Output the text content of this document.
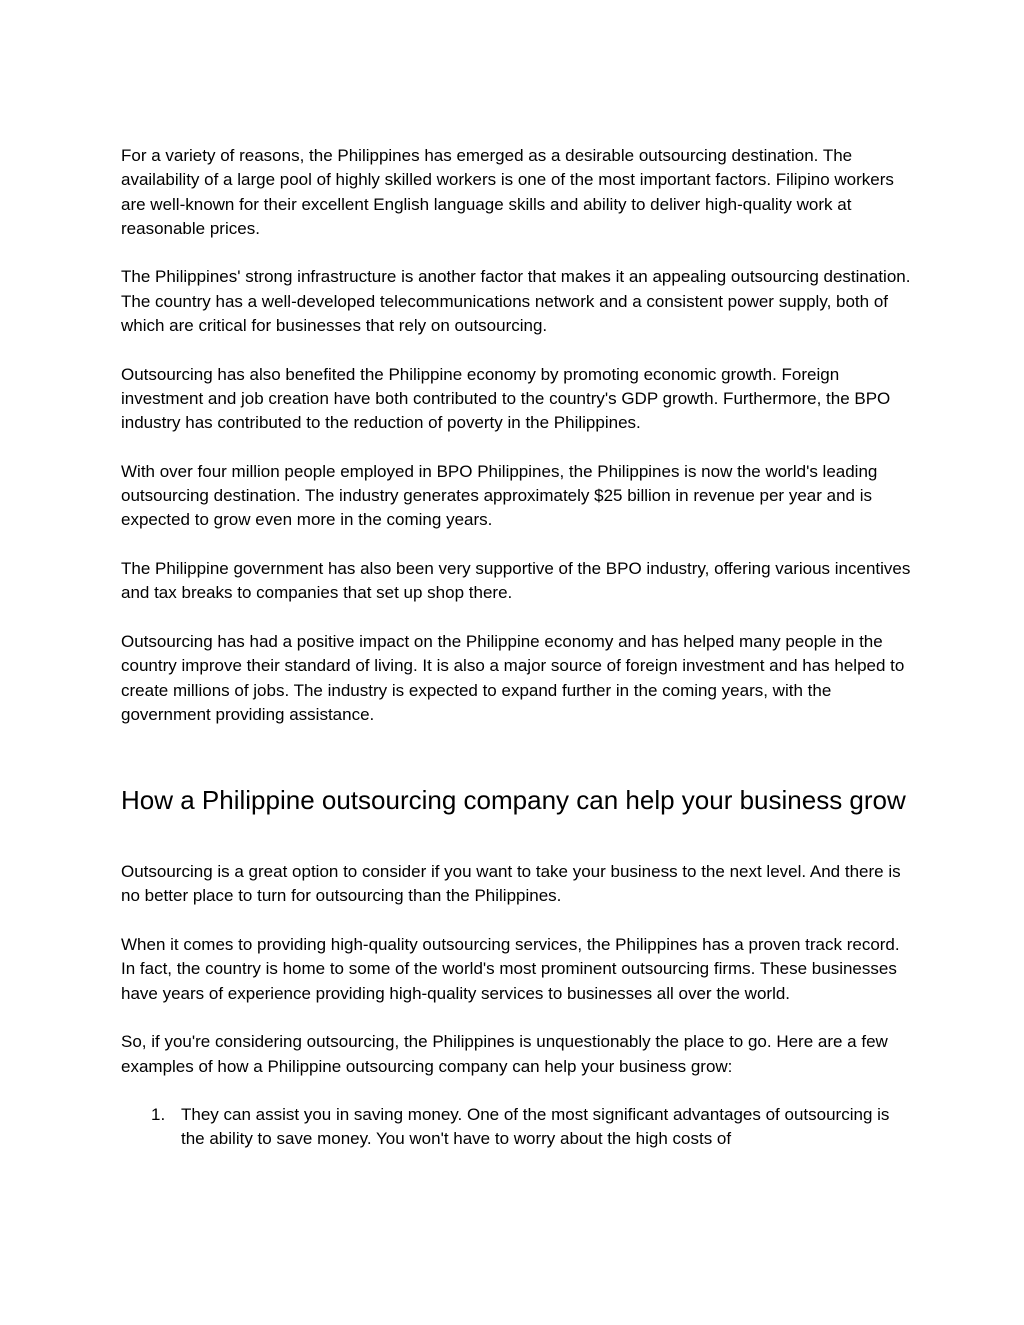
For a variety of reasons, the Philippines has emerged as a desirable outsourcing destination. The availability of a large pool of highly skilled workers is one of the most important factors. Filipino workers are well-known for their excellent English language skills and ability to deliver high-quality work at reasonable prices.

The Philippines' strong infrastructure is another factor that makes it an appealing outsourcing destination. The country has a well-developed telecommunications network and a consistent power supply, both of which are critical for businesses that rely on outsourcing.

Outsourcing has also benefited the Philippine economy by promoting economic growth. Foreign investment and job creation have both contributed to the country's GDP growth. Furthermore, the BPO industry has contributed to the reduction of poverty in the Philippines.

With over four million people employed in BPO Philippines, the Philippines is now the world's leading outsourcing destination. The industry generates approximately $25 billion in revenue per year and is expected to grow even more in the coming years.

The Philippine government has also been very supportive of the BPO industry, offering various incentives and tax breaks to companies that set up shop there.

Outsourcing has had a positive impact on the Philippine economy and has helped many people in the country improve their standard of living. It is also a major source of foreign investment and has helped to create millions of jobs. The industry is expected to expand further in the coming years, with the government providing assistance.

How a Philippine outsourcing company can help your business grow

Outsourcing is a great option to consider if you want to take your business to the next level. And there is no better place to turn for outsourcing than the Philippines.

When it comes to providing high-quality outsourcing services, the Philippines has a proven track record. In fact, the country is home to some of the world's most prominent outsourcing firms. These businesses have years of experience providing high-quality services to businesses all over the world.

So, if you're considering outsourcing, the Philippines is unquestionably the place to go. Here are a few examples of how a Philippine outsourcing company can help your business grow:

1. They can assist you in saving money. One of the most significant advantages of outsourcing is the ability to save money. You won't have to worry about the high costs of
